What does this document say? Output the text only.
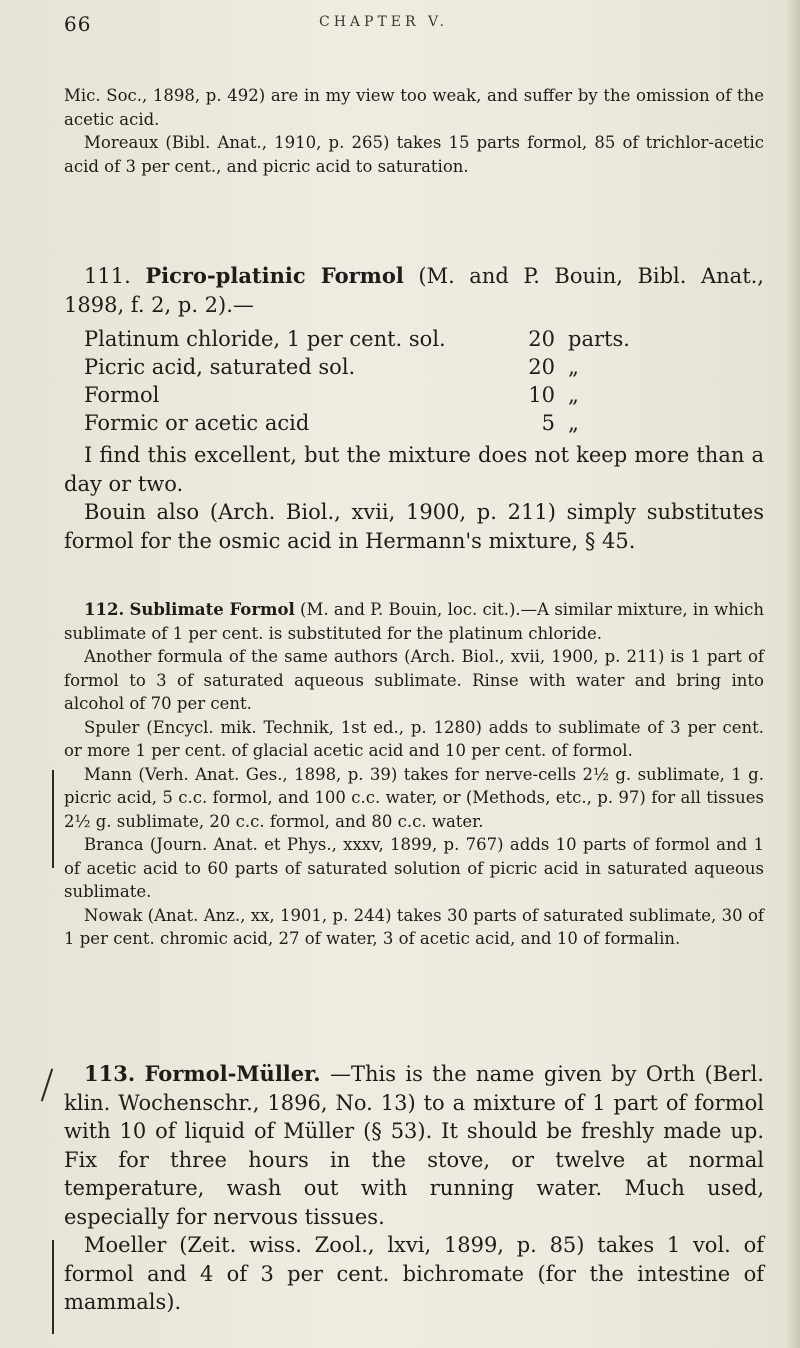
66	CHAPTER V.

Mic. Soc., 1898, p. 492) are in my view too weak, and suffer by the omission of the acetic acid.

Moreaux (Bibl. Anat., 1910, p. 265) takes 15 parts formol, 85 of trichlor-acetic acid of 3 per cent., and picric acid to saturation.

111. Picro-platinic Formol (M. and P. Bouin, Bibl. Anat., 1898, f. 2, p. 2).—

Platinum chloride, 1 per cent. sol.	20 parts.
Picric acid, saturated sol.	20 „
Formol	10 „
Formic or acetic acid	5 „

I find this excellent, but the mixture does not keep more than a day or two.

Bouin also (Arch. Biol., xvii, 1900, p. 211) simply substitutes formol for the osmic acid in Hermann's mixture, § 45.

112. Sublimate Formol (M. and P. Bouin, loc. cit.).—A similar mixture, in which sublimate of 1 per cent. is substituted for the platinum chloride.

Another formula of the same authors (Arch. Biol., xvii, 1900, p. 211) is 1 part of formol to 3 of saturated aqueous sublimate. Rinse with water and bring into alcohol of 70 per cent.

Spuler (Encycl. mik. Technik, 1st ed., p. 1280) adds to sublimate of 3 per cent. or more 1 per cent. of glacial acetic acid and 10 per cent. of formol.

Mann (Verh. Anat. Ges., 1898, p. 39) takes for nerve-cells 2½ g. sublimate, 1 g. picric acid, 5 c.c. formol, and 100 c.c. water, or (Methods, etc., p. 97) for all tissues 2½ g. sublimate, 20 c.c. formol, and 80 c.c. water.

Branca (Journ. Anat. et Phys., xxxv, 1899, p. 767) adds 10 parts of formol and 1 of acetic acid to 60 parts of saturated solution of picric acid in saturated aqueous sublimate.

Nowak (Anat. Anz., xx, 1901, p. 244) takes 30 parts of saturated sublimate, 30 of 1 per cent. chromic acid, 27 of water, 3 of acetic acid, and 10 of formalin.

113. Formol-Müller. —This is the name given by Orth (Berl. klin. Wochenschr., 1896, No. 13) to a mixture of 1 part of formol with 10 of liquid of Müller (§ 53). It should be freshly made up. Fix for three hours in the stove, or twelve at normal temperature, wash out with running water. Much used, especially for nervous tissues.

Moeller (Zeit. wiss. Zool., lxvi, 1899, p. 85) takes 1 vol. of formol and 4 of 3 per cent. bichromate (for the intestine of mammals).
